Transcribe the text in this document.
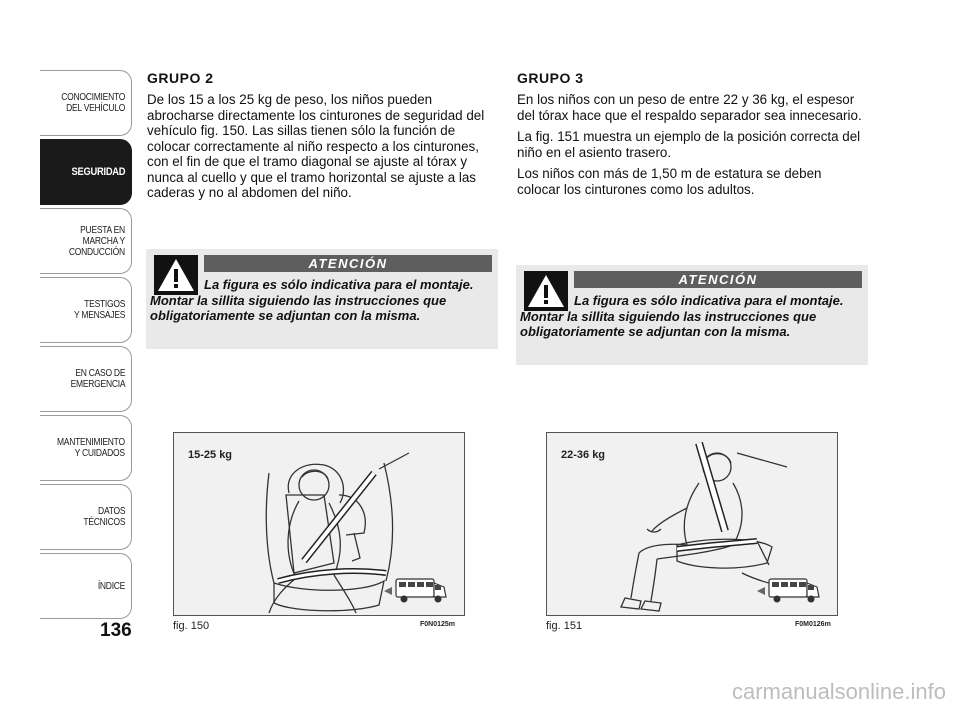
CONOCIMIENTO
DEL VEHÍCULO
SEGURIDAD
PUESTA EN
MARCHA Y
CONDUCCIÓN
TESTIGOS
Y MENSAJES
EN CASO DE
EMERGENCIA
MANTENIMIENTO
Y CUIDADOS
DATOS
TÉCNICOS
ÍNDICE
136
GRUPO 2

De los 15 a los 25 kg de peso, los niños pueden abrocharse directamente los cinturones de seguridad del vehículo fig. 150. Las sillas tienen sólo la función de colocar correctamente al niño respecto a los cinturones, con el fin de que el tramo diagonal se ajuste al tórax y nunca al cuello y que el tramo horizontal se ajuste a las caderas y no al abdomen del niño.

GRUPO 3

En los niños con un peso de entre 22 y 36 kg, el espesor del tórax hace que el respaldo separador sea innecesario.

La fig. 151 muestra un ejemplo de la posición correcta del niño en el asiento trasero.

Los niños con más de 1,50 m de estatura se deben colocar los cinturones como los adultos.

ATENCIÓN
La figura es sólo indicativa para el montaje. Montar la sillita siguiendo las instrucciones que obligatoriamente se adjuntan con la misma.
ATENCIÓN
La figura es sólo indicativa para el montaje. Montar la sillita siguiendo las instrucciones que obligatoriamente se adjuntan con la misma.
15-25 kg
fig. 150	F0N0125m
22-36 kg
fig. 151	F0M0126m
carmanualsonline.info
